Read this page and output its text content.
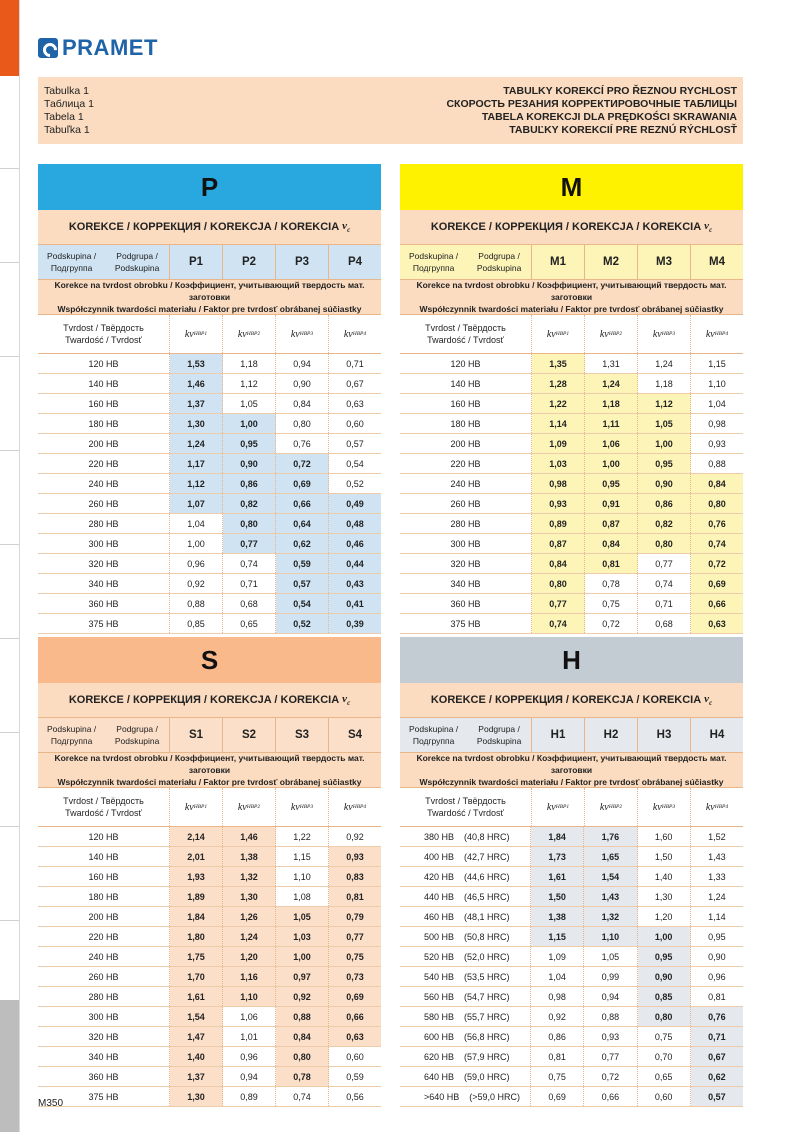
PRAMET
Tabulka 1
Таблица 1
Tabela 1
Tabuľka 1
TABULKY KOREKCÍ PRO ŘEZNOU RYCHLOST
СКОРОСТЬ РЕЗАНИЯ КОРРЕКТИРОВОЧНЫЕ ТАБЛИЦЫ
TABELA KOREKCJI DLA PRĘDKOŚCI SKRAWANIA
TABUĽKY KOREKCIÍ PRE REZNÚ RÝCHLOSŤ
P
KOREKCE / КОРРЕКЦИЯ / KOREKCJA / KOREKCIA $v_c$
Podskupina / Подгруппа
Podgrupa / Podskupina	P1	P2	P3	P4
Korekce na tvrdost obrobku / Коэффициент, учитывающий твердость мат. заготовки
Współczynnik twardości materiału / Faktor pre tvrdosť obrábanej súčiastky
Tvrdost / Твёрдость
Twardość / Tvrdosť
kv HBP1	kv HBP2	kv HBP3	kv HBP4
120 HB	1,53	1,18	0,94	0,71
140 HB	1,46	1,12	0,90	0,67
160 HB	1,37	1,05	0,84	0,63
180 HB	1,30	1,00	0,80	0,60
200 HB	1,24	0,95	0,76	0,57
220 HB	1,17	0,90	0,72	0,54
240 HB	1,12	0,86	0,69	0,52
260 HB	1,07	0,82	0,66	0,49
280 HB	1,04	0,80	0,64	0,48
300 HB	1,00	0,77	0,62	0,46
320 HB	0,96	0,74	0,59	0,44
340 HB	0,92	0,71	0,57	0,43
360 HB	0,88	0,68	0,54	0,41
375 HB	0,85	0,65	0,52	0,39
M
KOREKCE / КОРРЕКЦИЯ / KOREKCJA / KOREKCIA $v_c$
Podskupina / Подгруппа
Podgrupa / Podskupina	M1	M2	M3	M4
Korekce na tvrdost obrobku / Коэффициент, учитывающий твердость мат. заготовки
Współczynnik twardości materiału / Faktor pre tvrdosť obrábanej súčiastky
Tvrdost / Твёрдость
Twardość / Tvrdosť
kv HBP1	kv HBP2	kv HBP3	kv HBP4
120 HB	1,35	1,31	1,24	1,15
140 HB	1,28	1,24	1,18	1,10
160 HB	1,22	1,18	1,12	1,04
180 HB	1,14	1,11	1,05	0,98
200 HB	1,09	1,06	1,00	0,93
220 HB	1,03	1,00	0,95	0,88
240 HB	0,98	0,95	0,90	0,84
260 HB	0,93	0,91	0,86	0,80
280 HB	0,89	0,87	0,82	0,76
300 HB	0,87	0,84	0,80	0,74
320 HB	0,84	0,81	0,77	0,72
340 HB	0,80	0,78	0,74	0,69
360 HB	0,77	0,75	0,71	0,66
375 HB	0,74	0,72	0,68	0,63
S
KOREKCE / КОРРЕКЦИЯ / KOREKCJA / KOREKCIA $v_c$
Podskupina / Подгруппа
Podgrupa / Podskupina	S1	S2	S3	S4
Korekce na tvrdost obrobku / Коэффициент, учитывающий твердость мат. заготовки
Współczynnik twardości materiału / Faktor pre tvrdosť obrábanej súčiastky
Tvrdost / Твёрдость
Twardość / Tvrdosť
kv HBP1	kv HBP2	kv HBP3	kv HBP4
120 HB	2,14	1,46	1,22	0,92
140 HB	2,01	1,38	1,15	0,93
160 HB	1,93	1,32	1,10	0,83
180 HB	1,89	1,30	1,08	0,81
200 HB	1,84	1,26	1,05	0,79
220 HB	1,80	1,24	1,03	0,77
240 HB	1,75	1,20	1,00	0,75
260 HB	1,70	1,16	0,97	0,73
280 HB	1,61	1,10	0,92	0,69
300 HB	1,54	1,06	0,88	0,66
320 HB	1,47	1,01	0,84	0,63
340 HB	1,40	0,96	0,80	0,60
360 HB	1,37	0,94	0,78	0,59
375 HB	1,30	0,89	0,74	0,56
H
KOREKCE / КОРРЕКЦИЯ / KOREKCJA / KOREKCIA $v_c$
Podskupina / Подгруппа
Podgrupa / Podskupina	H1	H2	H3	H4
Korekce na tvrdost obrobku / Коэффициент, учитывающий твердость мат. заготовки
Współczynnik twardości materiału / Faktor pre tvrdosť obrábanej súčiastky
Tvrdost / Твёрдость
Twardość / Tvrdosť
kv HBP1	kv HBP2	kv HBP3	kv HBP4
380 HB (40,8 HRC)	1,84	1,76	1,60	1,52
400 HB (42,7 HRC)	1,73	1,65	1,50	1,43
420 HB (44,6 HRC)	1,61	1,54	1,40	1,33
440 HB (46,5 HRC)	1,50	1,43	1,30	1,24
460 HB (48,1 HRC)	1,38	1,32	1,20	1,14
500 HB (50,8 HRC)	1,15	1,10	1,00	0,95
520 HB (52,0 HRC)	1,09	1,05	0,95	0,90
540 HB (53,5 HRC)	1,04	0,99	0,90	0,96
560 HB (54,7 HRC)	0,98	0,94	0,85	0,81
580 HB (55,7 HRC)	0,92	0,88	0,80	0,76
600 HB (56,8 HRC)	0,86	0,93	0,75	0,71
620 HB (57,9 HRC)	0,81	0,77	0,70	0,67
640 HB (59,0 HRC)	0,75	0,72	0,65	0,62
>640 HB (>59,0 HRC)	0,69	0,66	0,60	0,57
M350
